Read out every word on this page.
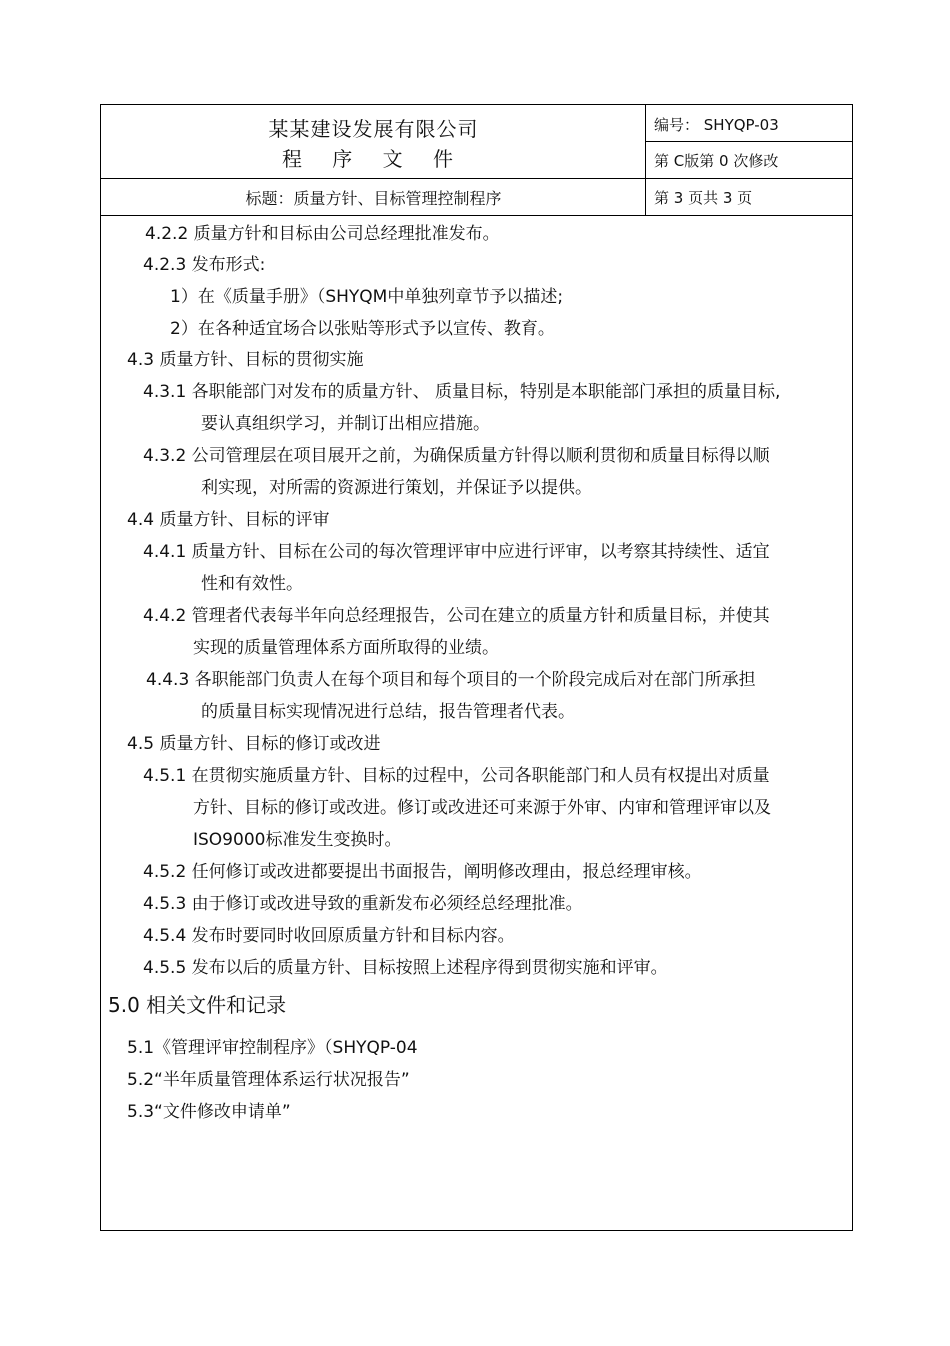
某某建设发展有限公司
程 序 文 件
编号： SHYQP-03
第 C版第 0 次修改
标题：质量方针、目标管理控制程序	第 3 页共 3 页
4.2.2 质量方针和目标由公司总经理批准发布。
4.2.3 发布形式:
1）在《质量手册》（SHYQM中单独列章节予以描述;
2）在各种适宜场合以张贴等形式予以宣传、教育。
4.3 质量方针、目标的贯彻实施
4.3.1 各职能部门对发布的质量方针、 质量目标，特别是本职能部门承担的质量目标,
要认真组织学习，并制订出相应措施。
4.3.2 公司管理层在项目展开之前，为确保质量方针得以顺利贯彻和质量目标得以顺
利实现，对所需的资源进行策划，并保证予以提供。
4.4 质量方针、目标的评审
4.4.1 质量方针、目标在公司的每次管理评审中应进行评审，以考察其持续性、适宜
性和有效性。
4.4.2 管理者代表每半年向总经理报告，公司在建立的质量方针和质量目标，并使其
实现的质量管理体系方面所取得的业绩。
4.4.3 各职能部门负责人在每个项目和每个项目的一个阶段完成后对在部门所承担
的质量目标实现情况进行总结，报告管理者代表。
4.5 质量方针、目标的修订或改进
4.5.1 在贯彻实施质量方针、目标的过程中，公司各职能部门和人员有权提出对质量
方针、目标的修订或改进。修订或改进还可来源于外审、内审和管理评审以及
ISO9000标准发生变换时。
4.5.2 任何修订或改进都要提出书面报告，阐明修改理由，报总经理审核。
4.5.3 由于修订或改进导致的重新发布必须经总经理批准。
4.5.4 发布时要同时收回原质量方针和目标内容。
4.5.5 发布以后的质量方针、目标按照上述程序得到贯彻实施和评审。
5.0 相关文件和记录
5.1《管理评审控制程序》（SHYQP-04
5.2“半年质量管理体系运行状况报告”
5.3“文件修改申请单”
